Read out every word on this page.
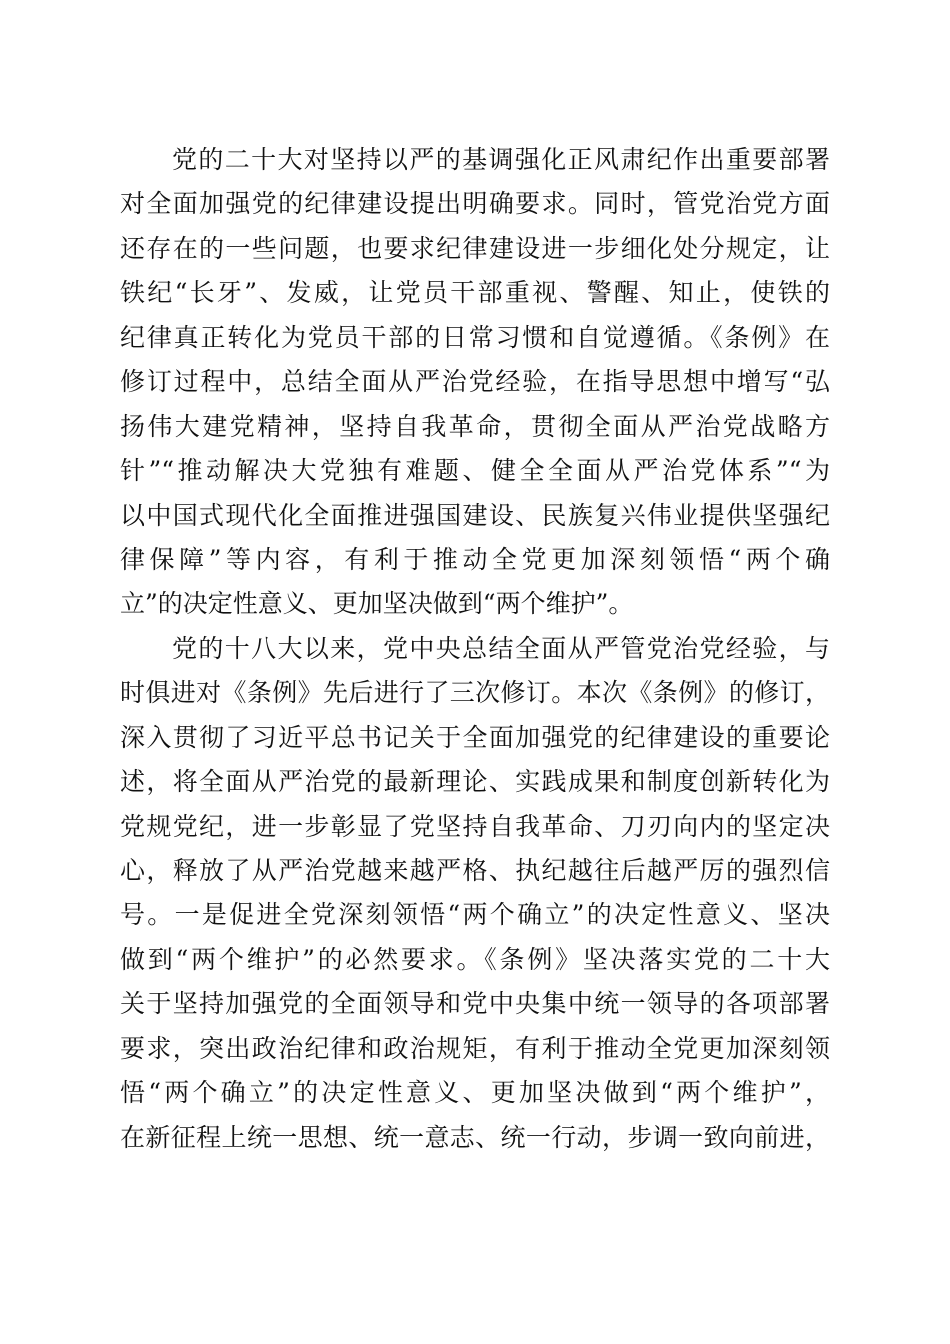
党的二十大对坚持以严的基调强化正风肃纪作出重要部署
对全面加强党的纪律建设提出明确要求。同时，管党治党方面
还存在的一些问题，也要求纪律建设进一步细化处分规定，让
铁纪“长牙”、发威，让党员干部重视、警醒、知止，使铁的
纪律真正转化为党员干部的日常习惯和自觉遵循。《条例》在
修订过程中，总结全面从严治党经验，在指导思想中增写“弘
扬伟大建党精神，坚持自我革命，贯彻全面从严治党战略方
针”“推动解决大党独有难题、健全全面从严治党体系”“为
以中国式现代化全面推进强国建设、民族复兴伟业提供坚强纪
律保障”等内容，有利于推动全党更加深刻领悟“两个确
立”的决定性意义、更加坚决做到“两个维护”。
党的十八大以来，党中央总结全面从严管党治党经验，与
时俱进对《条例》先后进行了三次修订。本次《条例》的修订，
深入贯彻了习近平总书记关于全面加强党的纪律建设的重要论
述，将全面从严治党的最新理论、实践成果和制度创新转化为
党规党纪，进一步彰显了党坚持自我革命、刀刃向内的坚定决
心，释放了从严治党越来越严格、执纪越往后越严厉的强烈信
号。一是促进全党深刻领悟“两个确立”的决定性意义、坚决
做到“两个维护”的必然要求。《条例》坚决落实党的二十大
关于坚持加强党的全面领导和党中央集中统一领导的各项部署
要求，突出政治纪律和政治规矩，有利于推动全党更加深刻领
悟“两个确立”的决定性意义、更加坚决做到“两个维护”，
在新征程上统一思想、统一意志、统一行动，步调一致向前进，
